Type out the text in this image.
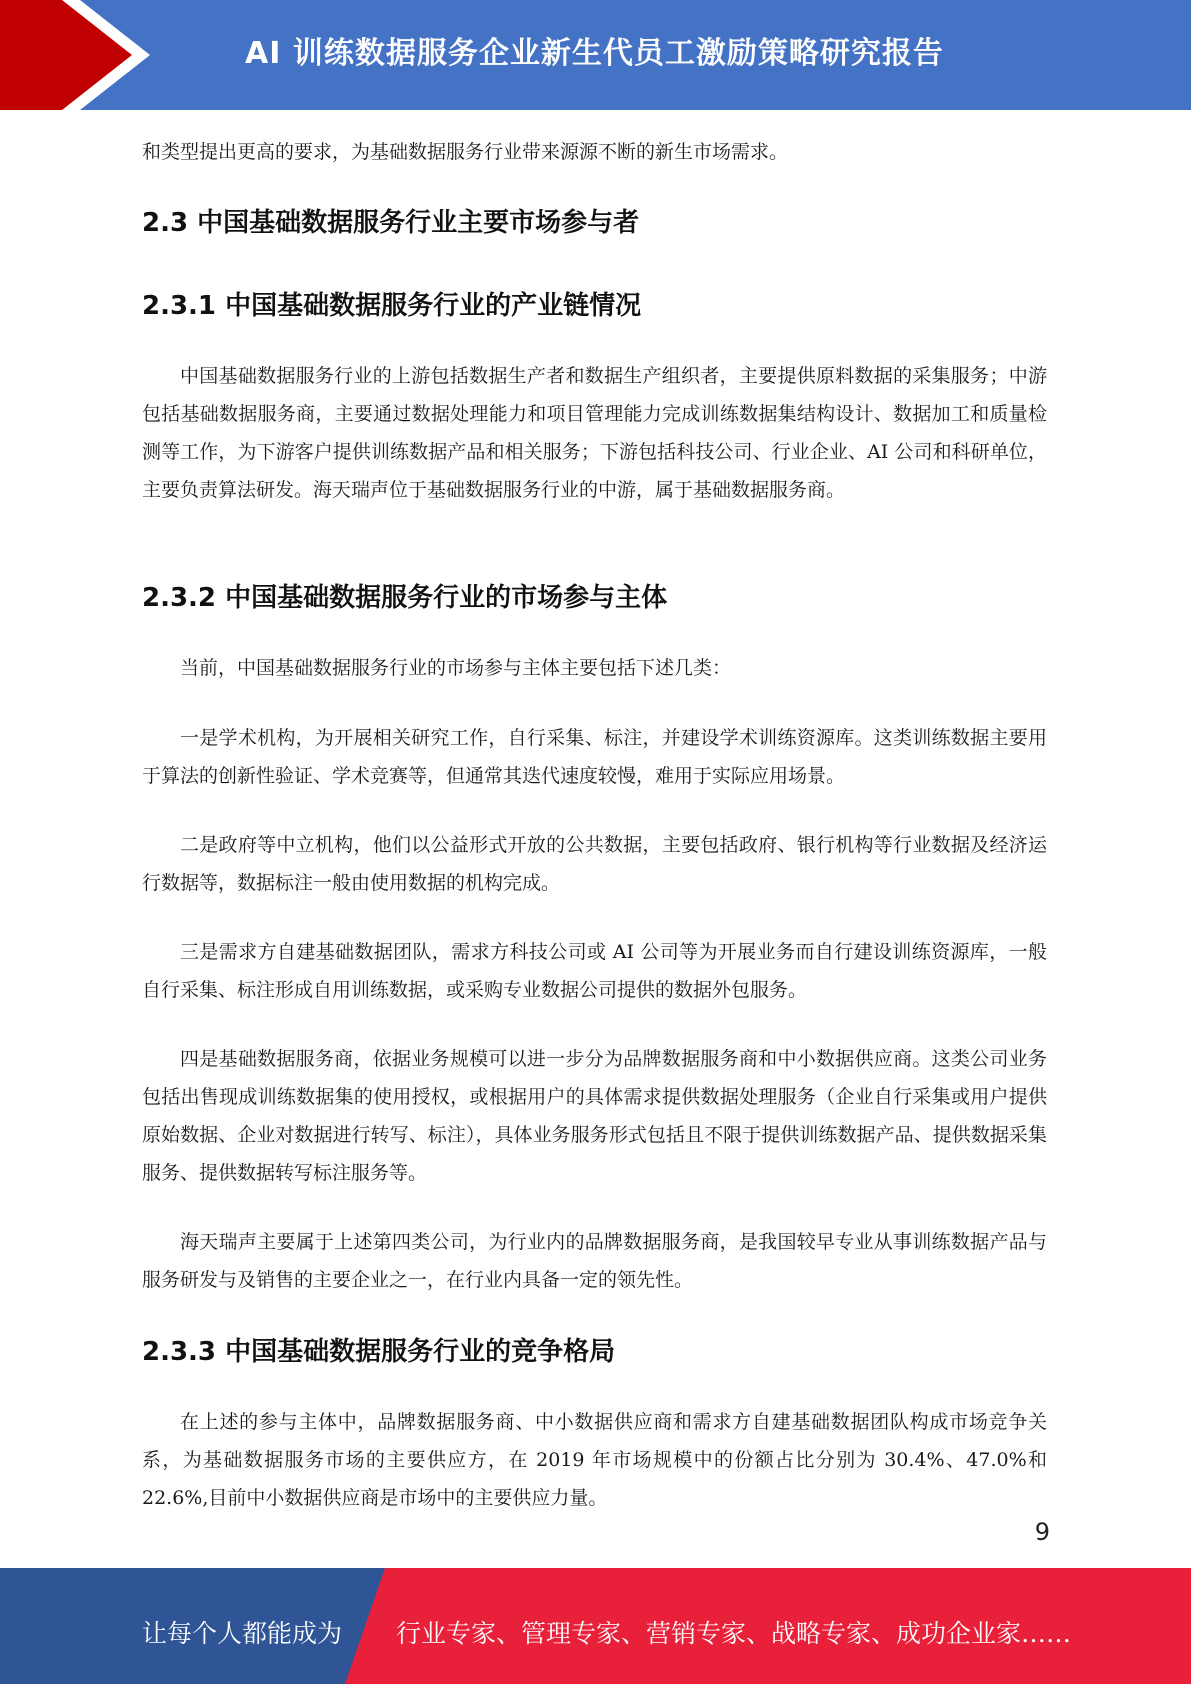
AI 训练数据服务企业新生代员工激励策略研究报告

和类型提出更高的要求，为基础数据服务行业带来源源不断的新生市场需求。

2.3 中国基础数据服务行业主要市场参与者
2.3.1 中国基础数据服务行业的产业链情况

中国基础数据服务行业的上游包括数据生产者和数据生产组织者，主要提供原料数据的采集服务；中游包括基础数据服务商，主要通过数据处理能力和项目管理能力完成训练数据集结构设计、数据加工和质量检测等工作，为下游客户提供训练数据产品和相关服务；下游包括科技公司、行业企业、AI 公司和科研单位，主要负责算法研发。海天瑞声位于基础数据服务行业的中游，属于基础数据服务商。

2.3.2 中国基础数据服务行业的市场参与主体

当前，中国基础数据服务行业的市场参与主体主要包括下述几类：

一是学术机构，为开展相关研究工作，自行采集、标注，并建设学术训练资源库。这类训练数据主要用于算法的创新性验证、学术竞赛等，但通常其迭代速度较慢，难用于实际应用场景。

二是政府等中立机构，他们以公益形式开放的公共数据，主要包括政府、银行机构等行业数据及经济运行数据等，数据标注一般由使用数据的机构完成。

三是需求方自建基础数据团队，需求方科技公司或 AI 公司等为开展业务而自行建设训练资源库，一般自行采集、标注形成自用训练数据，或采购专业数据公司提供的数据外包服务。

四是基础数据服务商，依据业务规模可以进一步分为品牌数据服务商和中小数据供应商。这类公司业务包括出售现成训练数据集的使用授权，或根据用户的具体需求提供数据处理服务（企业自行采集或用户提供原始数据、企业对数据进行转写、标注），具体业务服务形式包括且不限于提供训练数据产品、提供数据采集服务、提供数据转写标注服务等。

海天瑞声主要属于上述第四类公司，为行业内的品牌数据服务商，是我国较早专业从事训练数据产品与服务研发与及销售的主要企业之一，在行业内具备一定的领先性。

2.3.3 中国基础数据服务行业的竞争格局

在上述的参与主体中，品牌数据服务商、中小数据供应商和需求方自建基础数据团队构成市场竞争关系，为基础数据服务市场的主要供应方，在 2019 年市场规模中的份额占比分别为 30.4%、47.0%和 22.6%,目前中小数据供应商是市场中的主要供应力量。

9
让每个人都能成为 行业专家、管理专家、营销专家、战略专家、成功企业家……
